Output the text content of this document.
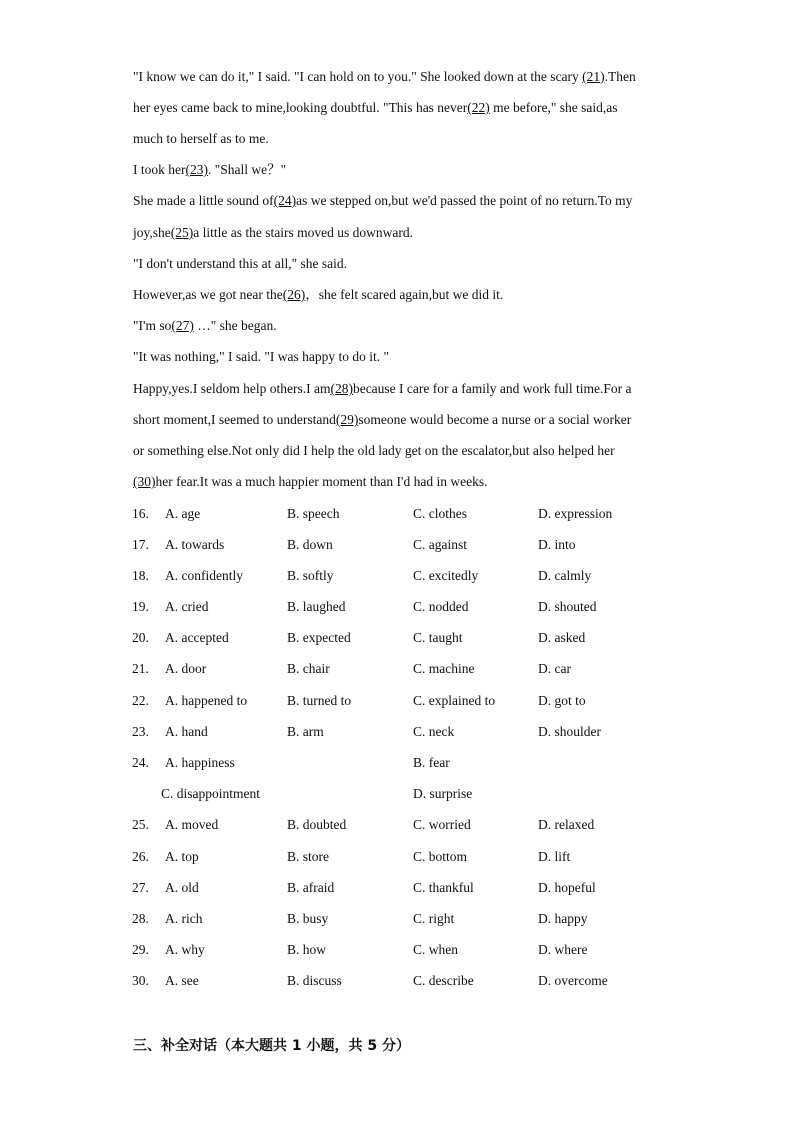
"I know we can do it," I said. "I can hold on to you." She looked down at the scary (21).Then
her eyes came back to mine,looking doubtful. "This has never(22) me before," she said,as
much to herself as to me.
I took her(23). "Shall we？"
She made a little sound of(24)as we stepped on,but we'd passed the point of no return.To my
joy,she(25)a little as the stairs moved us downward.
"I don't understand this at all," she said.
However,as we got near the(26)，she felt scared again,but we did it.
"I'm so(27) …" she began.
"It was nothing," I said. "I was happy to do it. "
Happy,yes.I seldom help others.I am(28)because I care for a family and work full time.For a
short moment,I seemed to understand(29)someone would become a nurse or a social worker
or something else.Not only did I help the old lady get on the escalator,but also helped her
(30)her fear.It was a much happier moment than I'd had in weeks.
16. A. age	B. speech	C. clothes	D. expression
17. A. towards	B. down	C. against	D. into
18. A. confidently	B. softly	C. excitedly	D. calmly
19. A. cried	B. laughed	C. nodded	D. shouted
20. A. accepted	B. expected	C. taught	D. asked
21. A. door	B. chair	C. machine	D. car
22. A. happened to	B. turned to	C. explained to	D. got to
23. A. hand	B. arm	C. neck	D. shoulder
24. A. happiness	B. fear
C. disappointment	D. surprise
25. A. moved	B. doubted	C. worried	D. relaxed
26. A. top	B. store	C. bottom	D. lift
27. A. old	B. afraid	C. thankful	D. hopeful
28. A. rich	B. busy	C. right	D. happy
29. A. why	B. how	C. when	D. where
30. A. see	B. discuss	C. describe	D. overcome
三、补全对话（本大题共 1 小题，共 5 分）
